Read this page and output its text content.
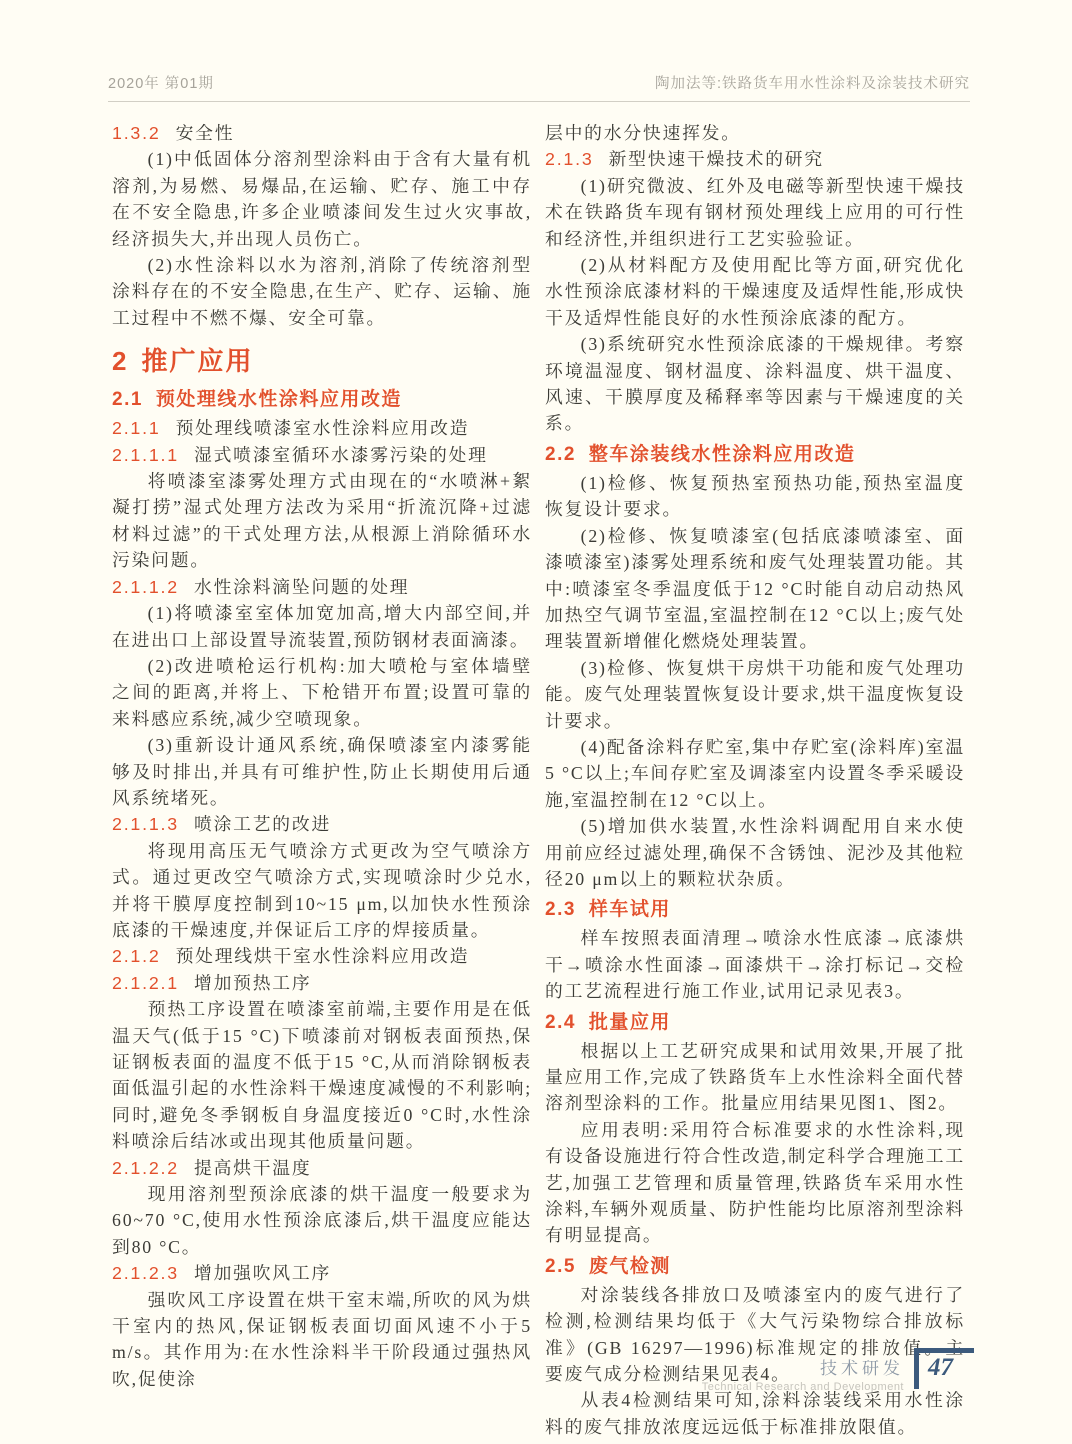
2020年 第01期	陶加法等:铁路货车用水性涂料及涂装技术研究
1.3.2 安全性

(1)中低固体分溶剂型涂料由于含有大量有机溶剂,为易燃、易爆品,在运输、贮存、施工中存在不安全隐患,许多企业喷漆间发生过火灾事故,经济损失大,并出现人员伤亡。

(2)水性涂料以水为溶剂,消除了传统溶剂型涂料存在的不安全隐患,在生产、贮存、运输、施工过程中不燃不爆、安全可靠。

2 推广应用
2.1 预处理线水性涂料应用改造
2.1.1 预处理线喷漆室水性涂料应用改造
2.1.1.1 湿式喷漆室循环水漆雾污染的处理

将喷漆室漆雾处理方式由现在的“水喷淋+絮凝打捞”湿式处理方法改为采用“折流沉降+过滤材料过滤”的干式处理方法,从根源上消除循环水污染问题。

2.1.1.2 水性涂料滴坠问题的处理

(1)将喷漆室室体加宽加高,增大内部空间,并在进出口上部设置导流装置,预防钢材表面滴漆。

(2)改进喷枪运行机构:加大喷枪与室体墙壁之间的距离,并将上、下枪错开布置;设置可靠的来料感应系统,减少空喷现象。

(3)重新设计通风系统,确保喷漆室内漆雾能够及时排出,并具有可维护性,防止长期使用后通风系统堵死。

2.1.1.3 喷涂工艺的改进

将现用高压无气喷涂方式更改为空气喷涂方式。通过更改空气喷涂方式,实现喷涂时少兑水,并将干膜厚度控制到10~15 μm,以加快水性预涂底漆的干燥速度,并保证后工序的焊接质量。

2.1.2 预处理线烘干室水性涂料应用改造
2.1.2.1 增加预热工序

预热工序设置在喷漆室前端,主要作用是在低温天气(低于15 °C)下喷漆前对钢板表面预热,保证钢板表面的温度不低于15 °C,从而消除钢板表面低温引起的水性涂料干燥速度减慢的不利影响;同时,避免冬季钢板自身温度接近0 °C时,水性涂料喷涂后结冰或出现其他质量问题。

2.1.2.2 提高烘干温度

现用溶剂型预涂底漆的烘干温度一般要求为60~70 °C,使用水性预涂底漆后,烘干温度应能达到80 °C。

2.1.2.3 增加强吹风工序

强吹风工序设置在烘干室末端,所吹的风为烘干室内的热风,保证钢板表面切面风速不小于5 m/s。其作用为:在水性涂料半干阶段通过强热风吹,促使涂

层中的水分快速挥发。

2.1.3 新型快速干燥技术的研究

(1)研究微波、红外及电磁等新型快速干燥技术在铁路货车现有钢材预处理线上应用的可行性和经济性,并组织进行工艺实验验证。

(2)从材料配方及使用配比等方面,研究优化水性预涂底漆材料的干燥速度及适焊性能,形成快干及适焊性能良好的水性预涂底漆的配方。

(3)系统研究水性预涂底漆的干燥规律。考察环境温湿度、钢材温度、涂料温度、烘干温度、风速、干膜厚度及稀释率等因素与干燥速度的关系。

2.2 整车涂装线水性涂料应用改造

(1)检修、恢复预热室预热功能,预热室温度恢复设计要求。

(2)检修、恢复喷漆室(包括底漆喷漆室、面漆喷漆室)漆雾处理系统和废气处理装置功能。其中:喷漆室冬季温度低于12 °C时能自动启动热风加热空气调节室温,室温控制在12 °C以上;废气处理装置新增催化燃烧处理装置。

(3)检修、恢复烘干房烘干功能和废气处理功能。废气处理装置恢复设计要求,烘干温度恢复设计要求。

(4)配备涂料存贮室,集中存贮室(涂料库)室温5 °C以上;车间存贮室及调漆室内设置冬季采暖设施,室温控制在12 °C以上。

(5)增加供水装置,水性涂料调配用自来水使用前应经过滤处理,确保不含锈蚀、泥沙及其他粒径20 μm以上的颗粒状杂质。

2.3 样车试用

样车按照表面清理→喷涂水性底漆→底漆烘干→喷涂水性面漆→面漆烘干→涂打标记→交检的工艺流程进行施工作业,试用记录见表3。

2.4 批量应用

根据以上工艺研究成果和试用效果,开展了批量应用工作,完成了铁路货车上水性涂料全面代替溶剂型涂料的工作。批量应用结果见图1、图2。

应用表明:采用符合标准要求的水性涂料,现有设备设施进行符合性改造,制定科学合理施工工艺,加强工艺管理和质量管理,铁路货车采用水性涂料,车辆外观质量、防护性能均比原溶剂型涂料有明显提高。

2.5 废气检测

对涂装线各排放口及喷漆室内的废气进行了检测,检测结果均低于《大气污染物综合排放标准》(GB 16297—1996)标准规定的排放值。主要废气成分检测结果见表4。

从表4检测结果可知,涂料涂装线采用水性涂料的废气排放浓度远远低于标准排放限值。

技术研发
Technical Research and Development
47
